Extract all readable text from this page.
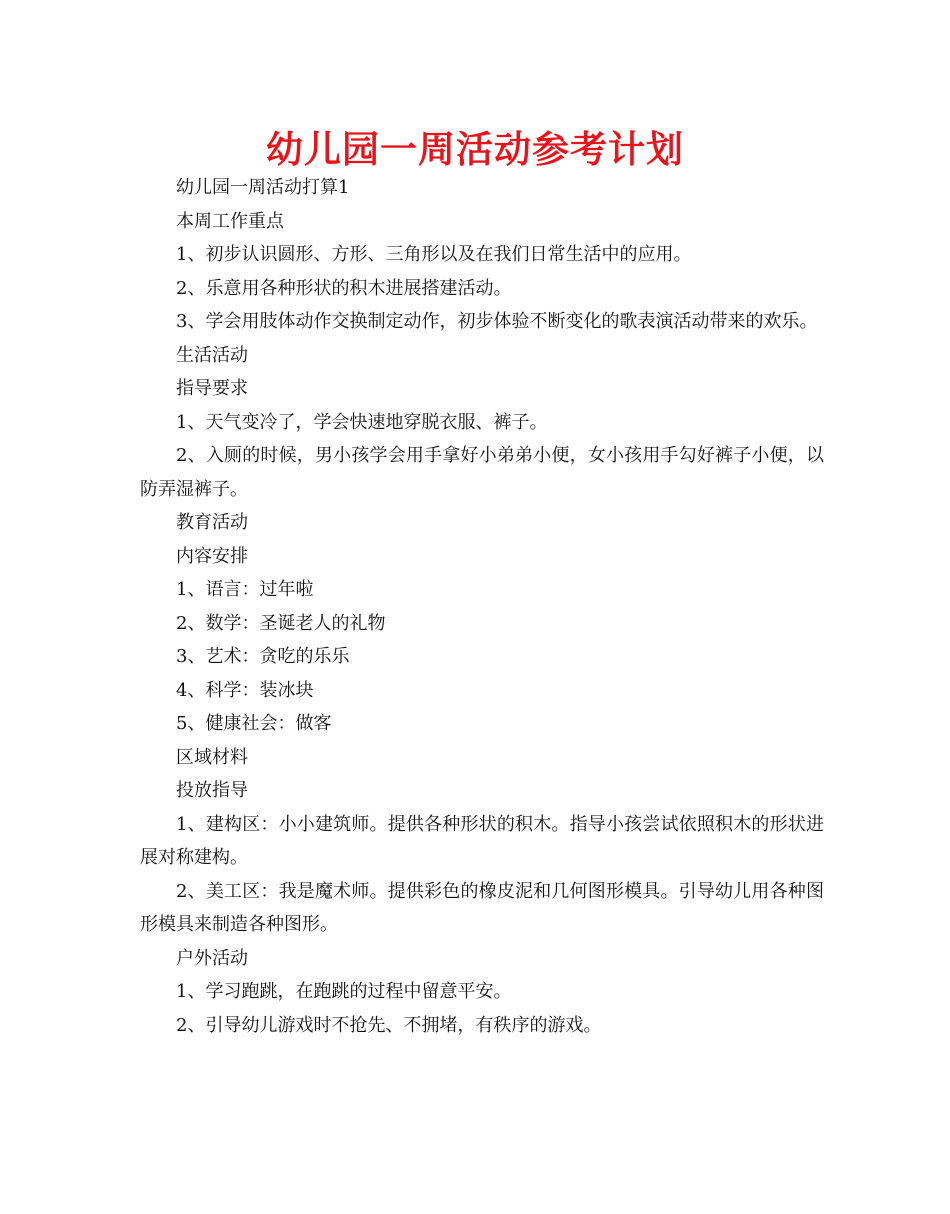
幼儿园一周活动参考计划

幼儿园一周活动打算1

本周工作重点

1、初步认识圆形、方形、三角形以及在我们日常生活中的应用。

2、乐意用各种形状的积木进展搭建活动。

3、学会用肢体动作交换制定动作，初步体验不断变化的歌表演活动带来的欢乐。

生活活动

指导要求

1、天气变冷了，学会快速地穿脱衣服、裤子。

2、入厕的时候，男小孩学会用手拿好小弟弟小便，女小孩用手勾好裤子小便，以防弄湿裤子。

教育活动

内容安排

1、语言：过年啦

2、数学：圣诞老人的礼物

3、艺术：贪吃的乐乐

4、科学：装冰块

5、健康社会：做客

区域材料

投放指导

1、建构区：小小建筑师。提供各种形状的积木。指导小孩尝试依照积木的形状进展对称建构。

2、美工区：我是魔术师。提供彩色的橡皮泥和几何图形模具。引导幼儿用各种图形模具来制造各种图形。

户外活动

1、学习跑跳，在跑跳的过程中留意平安。

2、引导幼儿游戏时不抢先、不拥堵，有秩序的游戏。
